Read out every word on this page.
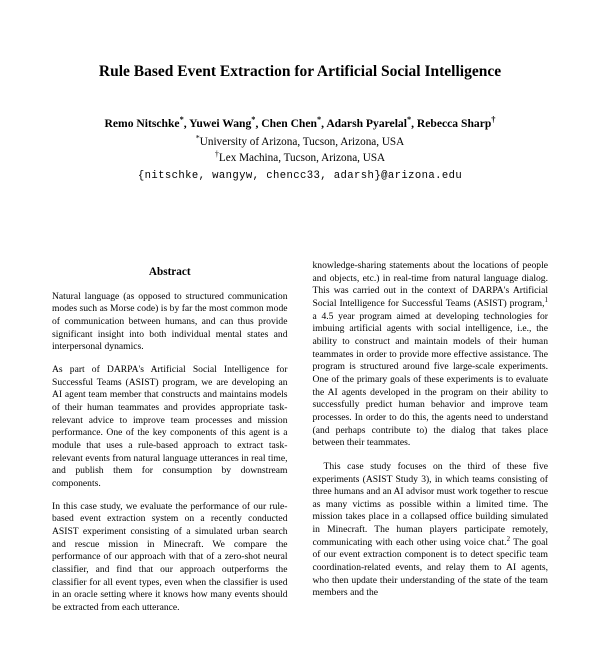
Rule Based Event Extraction for Artificial Social Intelligence
Remo Nitschke*, Yuwei Wang*, Chen Chen*, Adarsh Pyarelal*, Rebecca Sharp†
*University of Arizona, Tucson, Arizona, USA
†Lex Machina, Tucson, Arizona, USA
{nitschke, wangyw, chencc33, adarsh}@arizona.edu
Abstract

Natural language (as opposed to structured communication modes such as Morse code) is by far the most common mode of communication between humans, and can thus provide significant insight into both individual mental states and interpersonal dynamics.

As part of DARPA's Artificial Social Intelligence for Successful Teams (ASIST) program, we are developing an AI agent team member that constructs and maintains models of their human teammates and provides appropriate task-relevant advice to improve team processes and mission performance. One of the key components of this agent is a module that uses a rule-based approach to extract task-relevant events from natural language utterances in real time, and publish them for consumption by downstream components.

In this case study, we evaluate the performance of our rule-based event extraction system on a recently conducted ASIST experiment consisting of a simulated urban search and rescue mission in Minecraft. We compare the performance of our approach with that of a zero-shot neural classifier, and find that our approach outperforms the classifier for all event types, even when the classifier is used in an oracle setting where it knows how many events should be extracted from each utterance.

knowledge-sharing statements about the locations of people and objects, etc.) in real-time from natural language dialog. This was carried out in the context of DARPA's Artificial Social Intelligence for Successful Teams (ASIST) program,$^1$ a 4.5 year program aimed at developing technologies for imbuing artificial agents with social intelligence, i.e., the ability to construct and maintain models of their human teammates in order to provide more effective assistance. The program is structured around five large-scale experiments. One of the primary goals of these experiments is to evaluate the AI agents developed in the program on their ability to successfully predict human behavior and improve team processes. In order to do this, the agents need to understand (and perhaps contribute to) the dialog that takes place between their teammates.

This case study focuses on the third of these five experiments (ASIST Study 3), in which teams consisting of three humans and an AI advisor must work together to rescue as many victims as possible within a limited time. The mission takes place in a collapsed office building simulated in Minecraft. The human players participate remotely, communicating with each other using voice chat.$^2$ The goal of our event extraction component is to detect specific team coordination-related events, and relay them to AI agents, who then update their understanding of the state of the team members and the
